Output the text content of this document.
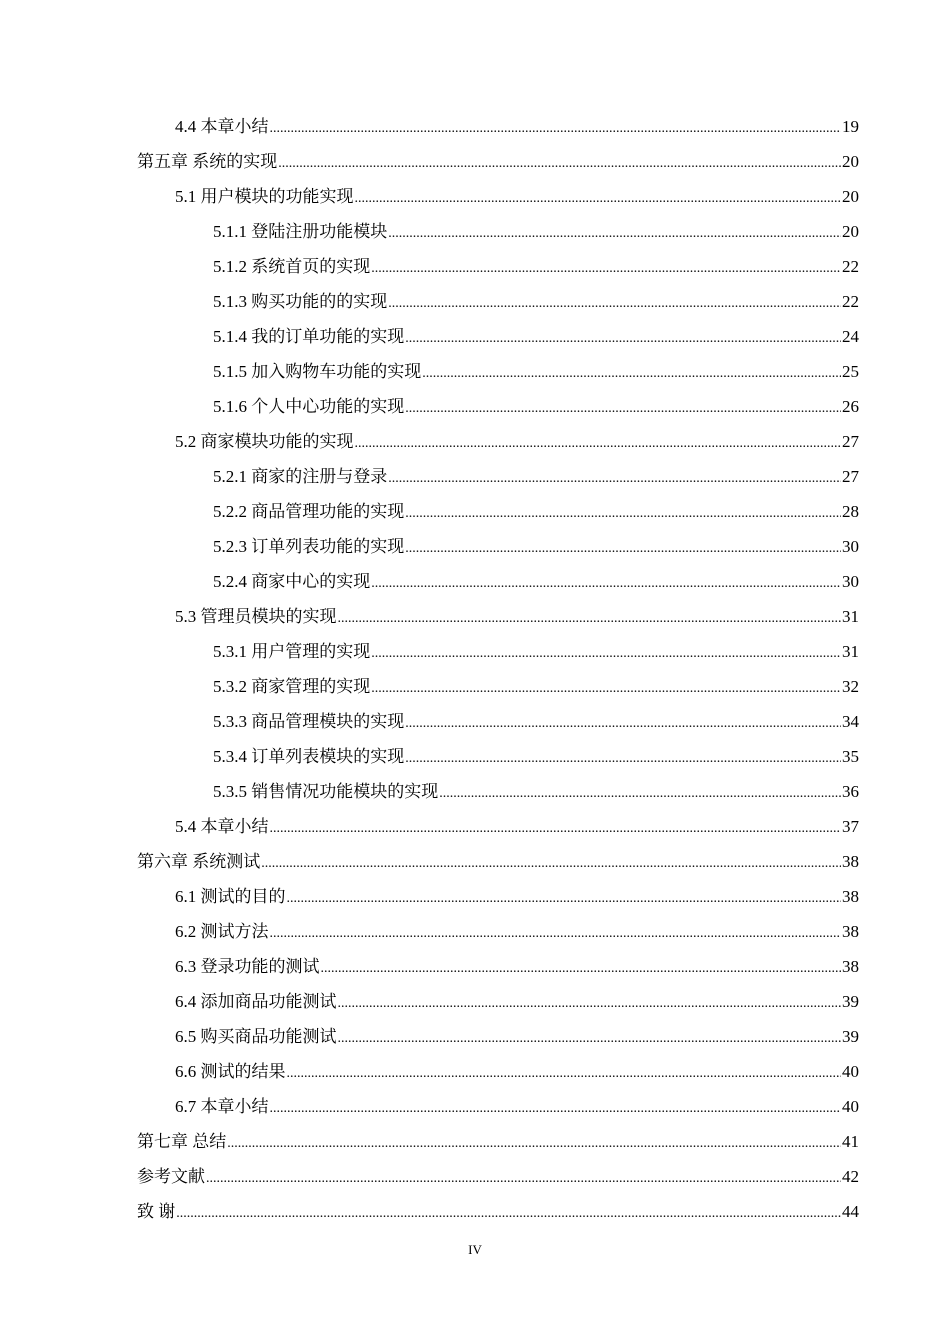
4.4 本章小结 .....	19
第五章 系统的实现 .....	20
5.1 用户模块的功能实现 .....	20
5.1.1 登陆注册功能模块 .....	20
5.1.2 系统首页的实现 .....	22
5.1.3 购买功能的的实现 .....	22
5.1.4 我的订单功能的实现 .....	24
5.1.5 加入购物车功能的实现 .....	25
5.1.6 个人中心功能的实现 .....	26
5.2 商家模块功能的实现 .....	27
5.2.1 商家的注册与登录 .....	27
5.2.2 商品管理功能的实现 .....	28
5.2.3 订单列表功能的实现 .....	30
5.2.4 商家中心的实现 .....	30
5.3 管理员模块的实现 .....	31
5.3.1 用户管理的实现 .....	31
5.3.2 商家管理的实现 .....	32
5.3.3 商品管理模块的实现 .....	34
5.3.4 订单列表模块的实现 .....	35
5.3.5 销售情况功能模块的实现 .....	36
5.4 本章小结 .....	37
第六章 系统测试 .....	38
6.1 测试的目的 .....	38
6.2 测试方法 .....	38
6.3 登录功能的测试 .....	38
6.4 添加商品功能测试 .....	39
6.5 购买商品功能测试 .....	39
6.6 测试的结果 .....	40
6.7 本章小结 .....	40
第七章 总结 .....	41
参考文献 .....	42
致 谢 .....	44
IV
